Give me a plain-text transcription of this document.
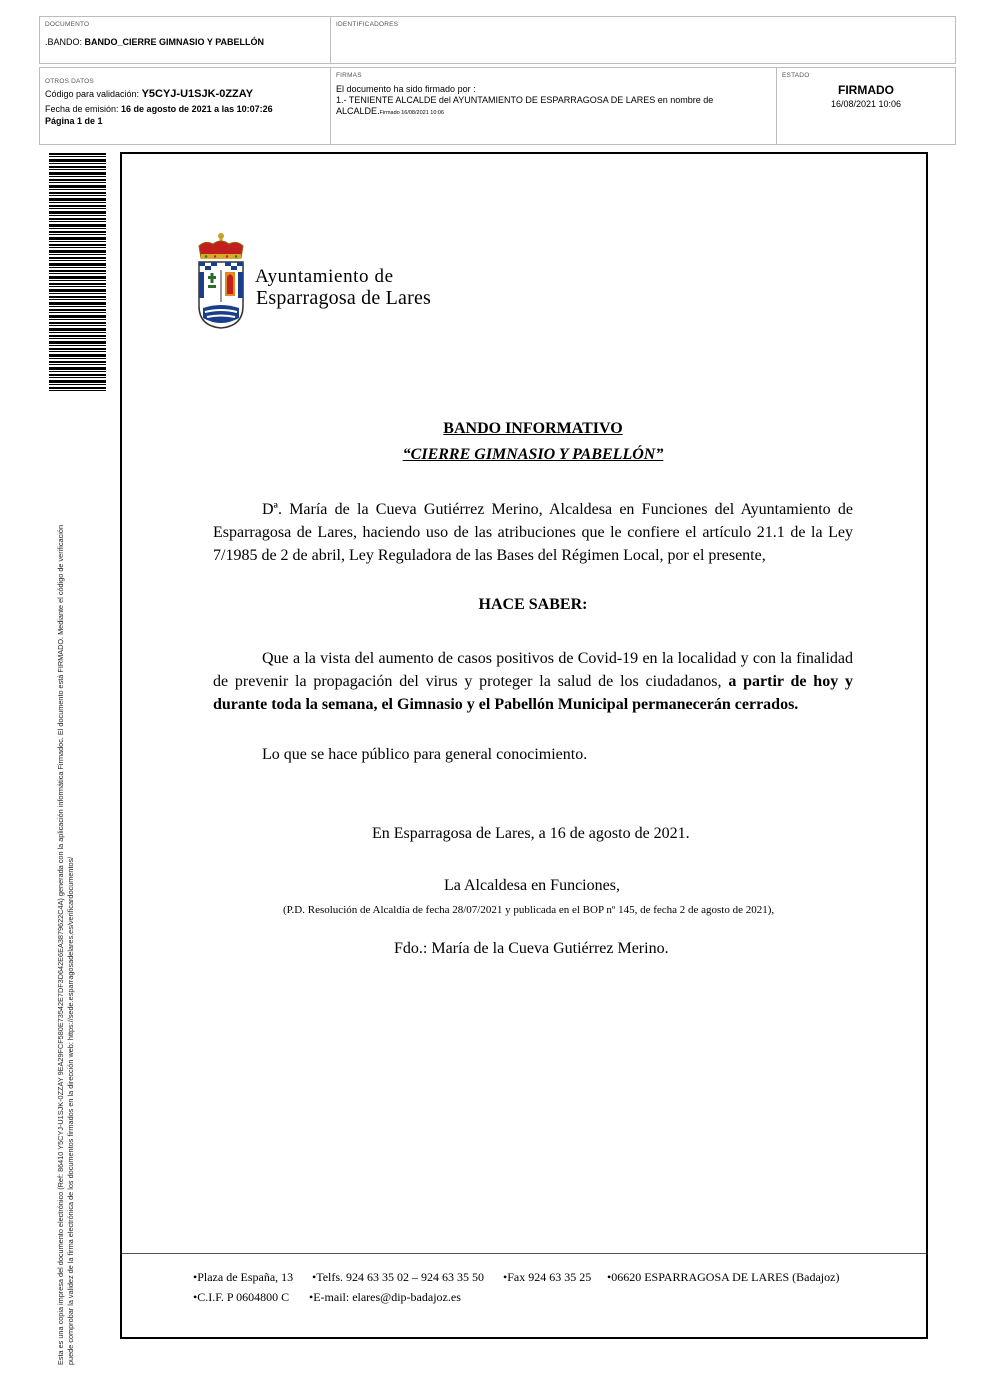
DOCUMENTO
.BANDO: BANDO_CIERRE GIMNASIO Y PABELLÓN
IDENTIFICADORES
OTROS DATOS
Código para validación: Y5CYJ-U1SJK-0ZZAY
Fecha de emisión: 16 de agosto de 2021 a las 10:07:26
Página 1 de 1
FIRMAS
El documento ha sido firmado por :
1.- TENIENTE ALCALDE del AYUNTAMIENTO DE ESPARRAGOSA DE LARES en nombre de
ALCALDE.Firmado 16/08/2021 10:06
ESTADO
FIRMADO
16/08/2021 10:06
Esta es una copia impresa del documento electrónico (Ref: 86410 Y5CYJ-U1SJK-0ZZAY 9EA29FCF580E73542E7DF3D642E6EA3879622C4A) generada con la aplicación informática Firmadoc. El documento está FIRMADO. Mediante el código de verificación puede comprobar la validez de la firma electrónica de los documentos firmados en la dirección web: https://sede.esparragosadelares.es/verificardocumentos/
Ayuntamiento de
Esparragosa de Lares
BANDO INFORMATIVO
“CIERRE GIMNASIO Y PABELLÓN”
Dª. María de la Cueva Gutiérrez Merino, Alcaldesa en Funciones del Ayuntamiento de Esparragosa de Lares, haciendo uso de las atribuciones que le confiere el artículo 21.1 de la Ley 7/1985 de 2 de abril, Ley Reguladora de las Bases del Régimen Local, por el presente,
HACE SABER:
Que a la vista del aumento de casos positivos de Covid-19 en la localidad y con la finalidad de prevenir la propagación del virus y proteger la salud de los ciudadanos, a partir de hoy y durante toda la semana, el Gimnasio y el Pabellón Municipal permanecerán cerrados.
Lo que se hace público para general conocimiento.
En Esparragosa de Lares, a 16 de agosto de 2021.
La Alcaldesa en Funciones,
(P.D. Resolución de Alcaldía de fecha 28/07/2021 y publicada en el BOP nº 145, de fecha 2 de agosto de 2021),
Fdo.: María de la Cueva Gutiérrez Merino.
•Plaza de España, 13 •Telfs. 924 63 35 02 – 924 63 35 50 •Fax 924 63 35 25 •06620 ESPARRAGOSA DE LARES (Badajoz)
•C.I.F. P 0604800 C •E-mail: elares@dip-badajoz.es
